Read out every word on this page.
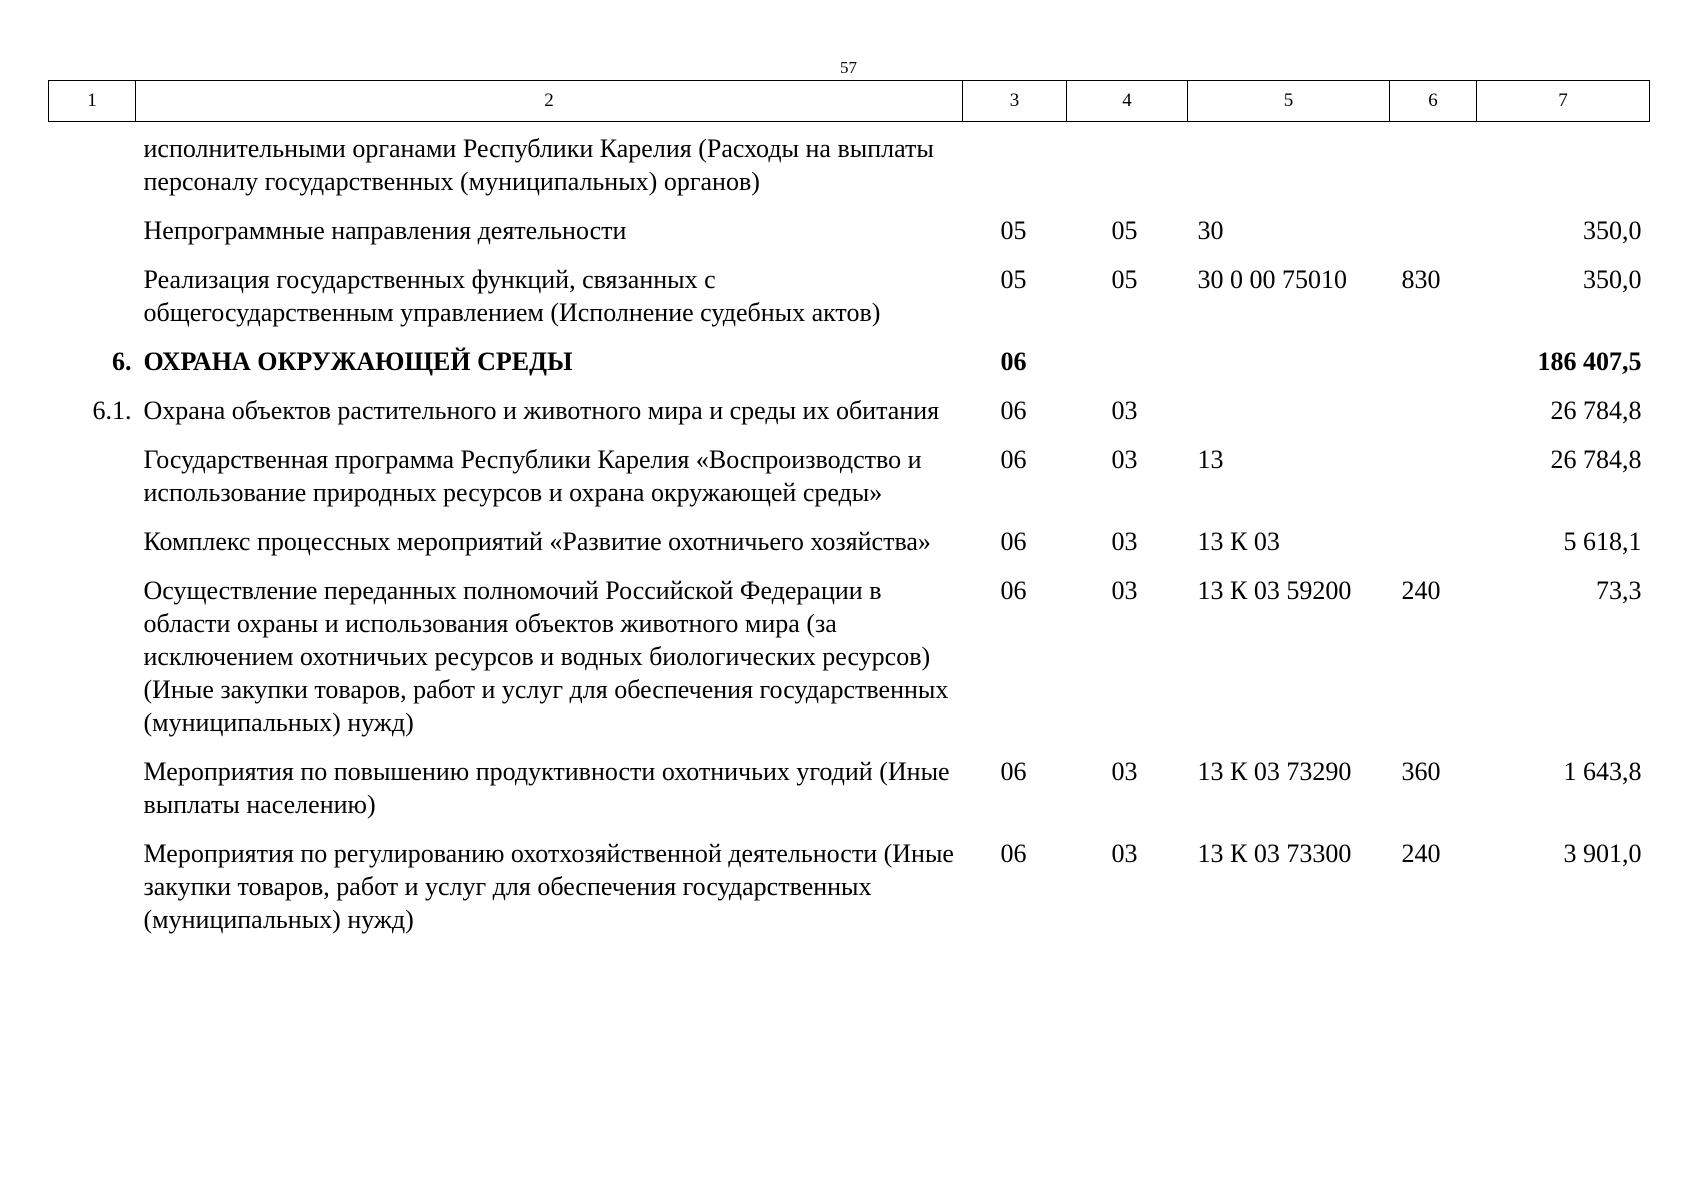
57
1	2	3	4	5	6	7
	исполнительными органами Республики Карелия (Расходы на выплаты персоналу государственных (муниципальных) органов)					
	Непрограммные направления деятельности	05	05	30		350,0
	Реализация государственных функций, связанных с общегосударственным управлением (Исполнение судебных актов)	05	05	30 0 00 75010	830	350,0
6.	ОХРАНА ОКРУЖАЮЩЕЙ СРЕДЫ	06				186 407,5
6.1.	Охрана объектов растительного и животного мира и среды их обитания	06	03			26 784,8
	Государственная программа Республики Карелия «Воспроизводство и использование природных ресурсов и охрана окружающей среды»	06	03	13		26 784,8
	Комплекс процессных мероприятий «Развитие охотничьего хозяйства»	06	03	13 К 03		5 618,1
	Осуществление переданных полномочий Российской Федерации в области охраны и использования объектов животного мира (за исключением охотничьих ресурсов и водных биологических ресурсов) (Иные закупки товаров, работ и услуг для обеспечения государственных (муниципальных) нужд)	06	03	13 К 03 59200	240	73,3
	Мероприятия по повышению продуктивности охотничьих угодий (Иные выплаты населению)	06	03	13 К 03 73290	360	1 643,8
	Мероприятия по регулированию охотхозяйственной деятельности (Иные закупки товаров, работ и услуг для обеспечения государственных (муниципальных) нужд)	06	03	13 К 03 73300	240	3 901,0
